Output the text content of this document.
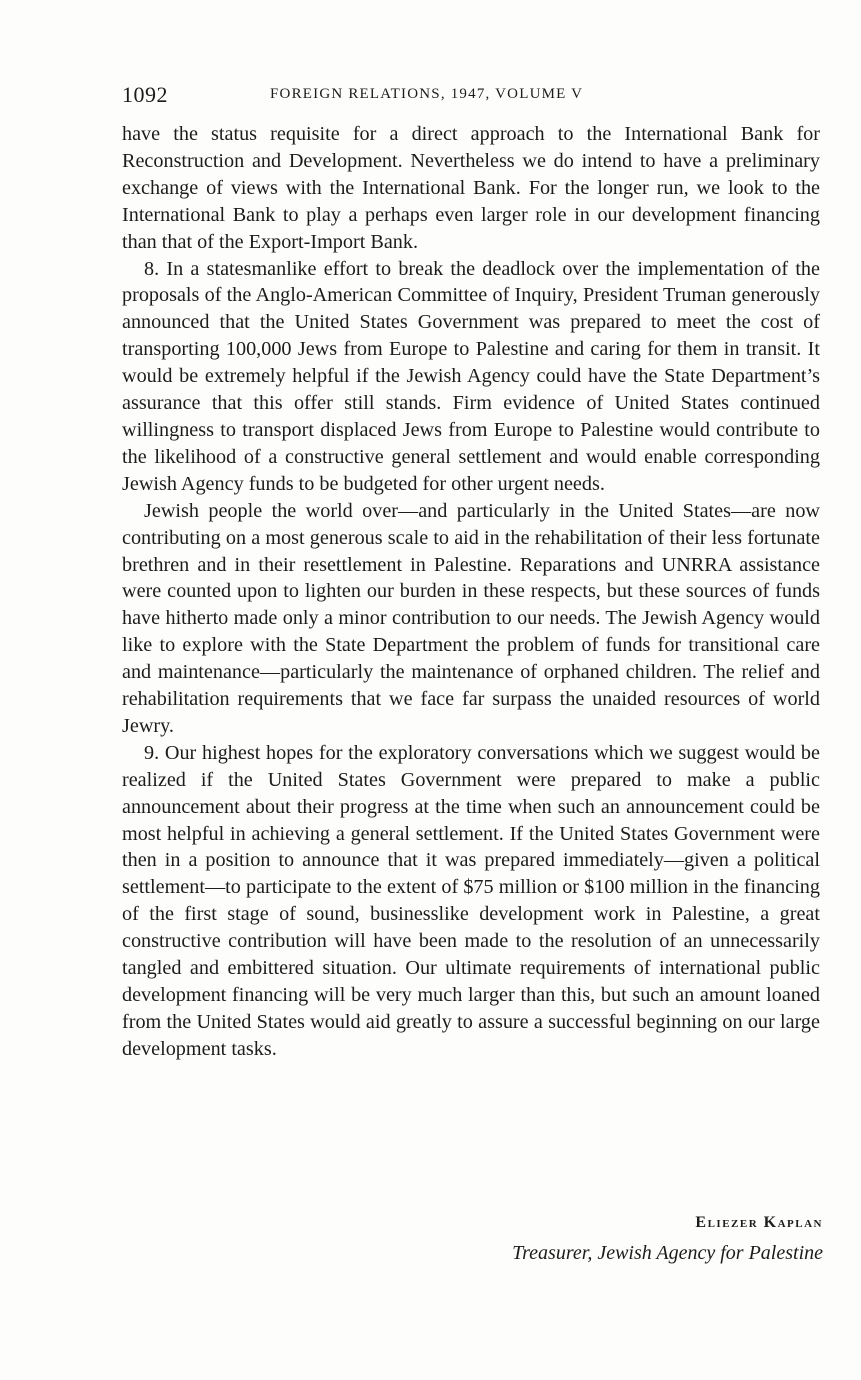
1092	FOREIGN RELATIONS, 1947, VOLUME V

have the status requisite for a direct approach to the International Bank for Reconstruction and Development. Nevertheless we do intend to have a preliminary exchange of views with the International Bank. For the longer run, we look to the International Bank to play a perhaps even larger role in our development financing than that of the Export-Import Bank.

8. In a statesmanlike effort to break the deadlock over the implementation of the proposals of the Anglo-American Committee of Inquiry, President Truman generously announced that the United States Government was prepared to meet the cost of transporting 100,000 Jews from Europe to Palestine and caring for them in transit. It would be extremely helpful if the Jewish Agency could have the State Department’s assurance that this offer still stands. Firm evidence of United States continued willingness to transport displaced Jews from Europe to Palestine would contribute to the likelihood of a constructive general settlement and would enable corresponding Jewish Agency funds to be budgeted for other urgent needs.

Jewish people the world over—and particularly in the United States—are now contributing on a most generous scale to aid in the rehabilitation of their less fortunate brethren and in their resettlement in Palestine. Reparations and UNRRA assistance were counted upon to lighten our burden in these respects, but these sources of funds have hitherto made only a minor contribution to our needs. The Jewish Agency would like to explore with the State Department the problem of funds for transitional care and maintenance—particularly the maintenance of orphaned children. The relief and rehabilitation requirements that we face far surpass the unaided resources of world Jewry.

9. Our highest hopes for the exploratory conversations which we suggest would be realized if the United States Government were prepared to make a public announcement about their progress at the time when such an announcement could be most helpful in achieving a general settlement. If the United States Government were then in a position to announce that it was prepared immediately—given a political settlement—to participate to the extent of $75 million or $100 million in the financing of the first stage of sound, businesslike development work in Palestine, a great constructive contribution will have been made to the resolution of an unnecessarily tangled and embittered situation. Our ultimate requirements of international public development financing will be very much larger than this, but such an amount loaned from the United States would aid greatly to assure a successful beginning on our large development tasks.

Eliezer Kaplan
Treasurer, Jewish Agency for Palestine
